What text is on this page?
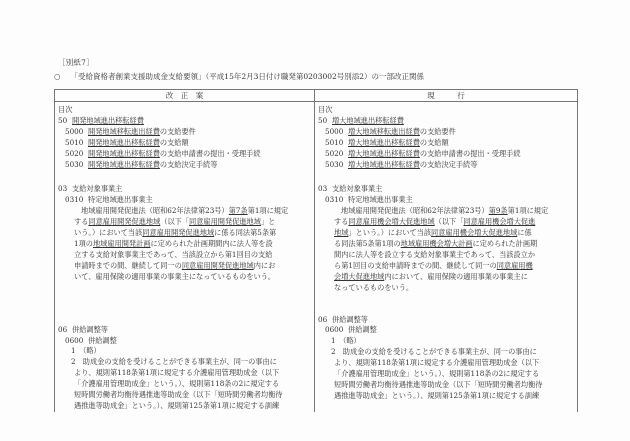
［別紙7］
○ 「受給資格者創業支援助成金支給要領」（平成15年2月3日付け職発第0203002号別添2）の一部改正関係
改　正　案	現　　　行

目次
50 開発地域進出移転経費
5000 開発地域移転進出経費の支給要件
5010 開発地域進出移転経費の支給額
5020 開発地域進出移転経費の支給申請書の提出・受理手続
5030 開発地域進出移転経費の支給決定手続等
03 支給対象事業主
0310 特定地域進出事業主
地域雇用開発促進法（昭和62年法律第23号）第7条第1項に規定
する同意雇用開発促進地域（以下「同意雇用開発促進地域」と
いう。）において当該同意雇用開発促進地域に係る同法第5条第
1項の地域雇用開発計画に定められた計画期間内に法人等を設
立する支給対象事業主であって、当該設立から第1回目の支給
申請時までの間、継続して同一の同意雇用開発促進地域内にお
いて、雇用保険の適用事業の事業主になっているものをいう。
06 併給調整等
0600 併給調整
1　（略）
2　助成金の支給を受けることができる事業主が、同一の事由に
より、規則第118条第1項に規定する介護雇用管理助成金（以下
「介護雇用管理助成金」という。）、規則第118条の2に規定する
短時間労働者均衡待遇推進等助成金（以下「短時間労働者均衡待
遇推進等助成金」という。）、規則第125条第1項に規定する訓練

目次
50 増大地域進出移転経費
5000 増大地域移転進出経費の支給要件
5010 増大地域進出移転経費の支給額
5020 増大地域進出移転経費の支給申請書の提出・受理手続
5030 増大地域進出移転経費の支給決定手続等
03 支給対象事業主
0310 特定地域進出事業主
地域雇用開発促進法（昭和62年法律第23号）第9条第1項に規定
する同意雇用機会増大促進地域（以下「同意雇用機会増大促進
地域」という。）において当該同意雇用機会増大促進地域に係
る同法第5条第1項の地域雇用機会増大計画に定められた計画期
間内に法人等を設立する支給対象事業主であって、当該設立か
ら第1回目の支給申請時までの間、継続して同一の同意雇用機
会増大促進地域内において、雇用保険の適用事業の事業主に
なっているものをいう。
06 併給調整等
0600 併給調整
1　（略）
2　助成金の支給を受けることができる事業主が、同一の事由に
より、規則第118条第1項に規定する介護雇用管理助成金（以下
「介護雇用管理助成金」という。）、規則第118条の2に規定する
短時間労働者均衡待遇推進等助成金（以下「短時間労働者均衡待
遇推進等助成金」という。）、規則第125条第1項に規定する訓練
